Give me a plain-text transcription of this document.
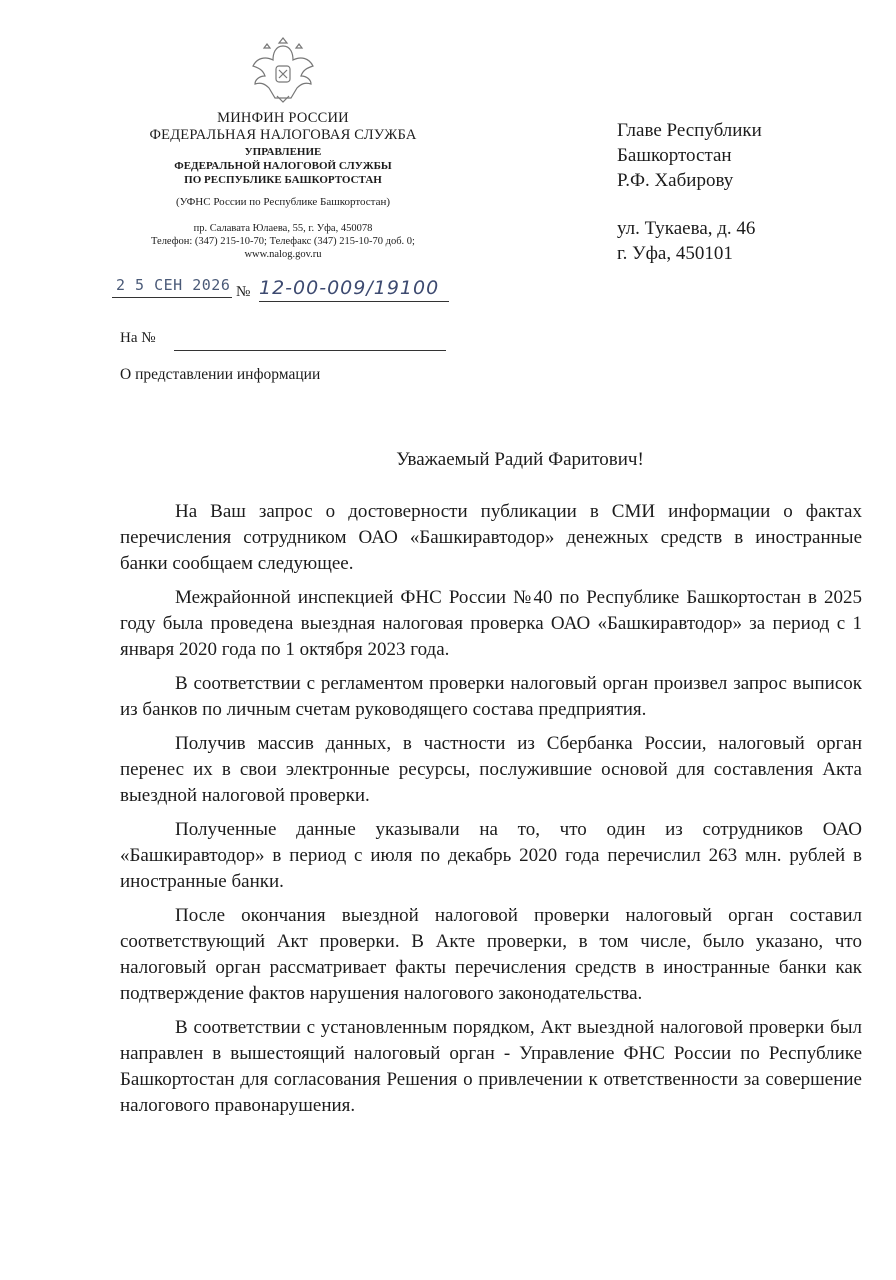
МИНФИН РОССИИ
ФЕДЕРАЛЬНАЯ НАЛОГОВАЯ СЛУЖБА
УПРАВЛЕНИЕ
ФЕДЕРАЛЬНОЙ НАЛОГОВОЙ СЛУЖБЫ
ПО РЕСПУБЛИКЕ БАШКОРТОСТАН
(УФНС России по Республике Башкортостан)
пр. Салавата Юлаева, 55, г. Уфа, 450078
Телефон: (347) 215-10-70; Телефакс (347) 215-10-70 доб. 0;
www.nalog.gov.ru
2 5 СЕН 2026 № 12-00-009/19100
На №
О представлении информации
Главе Республики
Башкортостан
Р.Ф. Хабирову
ул. Тукаева, д. 46
г. Уфа, 450101
Уважаемый Радий Фаритович!

На Ваш запрос о достоверности публикации в СМИ информации о фактах перечисления сотрудником ОАО «Башкиравтодор» денежных средств в иностранные банки сообщаем следующее.

Межрайонной инспекцией ФНС России №40 по Республике Башкортостан в 2025 году была проведена выездная налоговая проверка ОАО «Башкиравтодор» за период с 1 января 2020 года по 1 октября 2023 года.

В соответствии с регламентом проверки налоговый орган произвел запрос выписок из банков по личным счетам руководящего состава предприятия.

Получив массив данных, в частности из Сбербанка России, налоговый орган перенес их в свои электронные ресурсы, послужившие основой для составления Акта выездной налоговой проверки.

Полученные данные указывали на то, что один из сотрудников ОАО «Башкиравтодор» в период с июля по декабрь 2020 года перечислил 263 млн. рублей в иностранные банки.

После окончания выездной налоговой проверки налоговый орган составил соответствующий Акт проверки. В Акте проверки, в том числе, было указано, что налоговый орган рассматривает факты перечисления средств в иностранные банки как подтверждение фактов нарушения налогового законодательства.

В соответствии с установленным порядком, Акт выездной налоговой проверки был направлен в вышестоящий налоговый орган - Управление ФНС России по Республике Башкортостан для согласования Решения о привлечении к ответственности за совершение налогового правонарушения.
